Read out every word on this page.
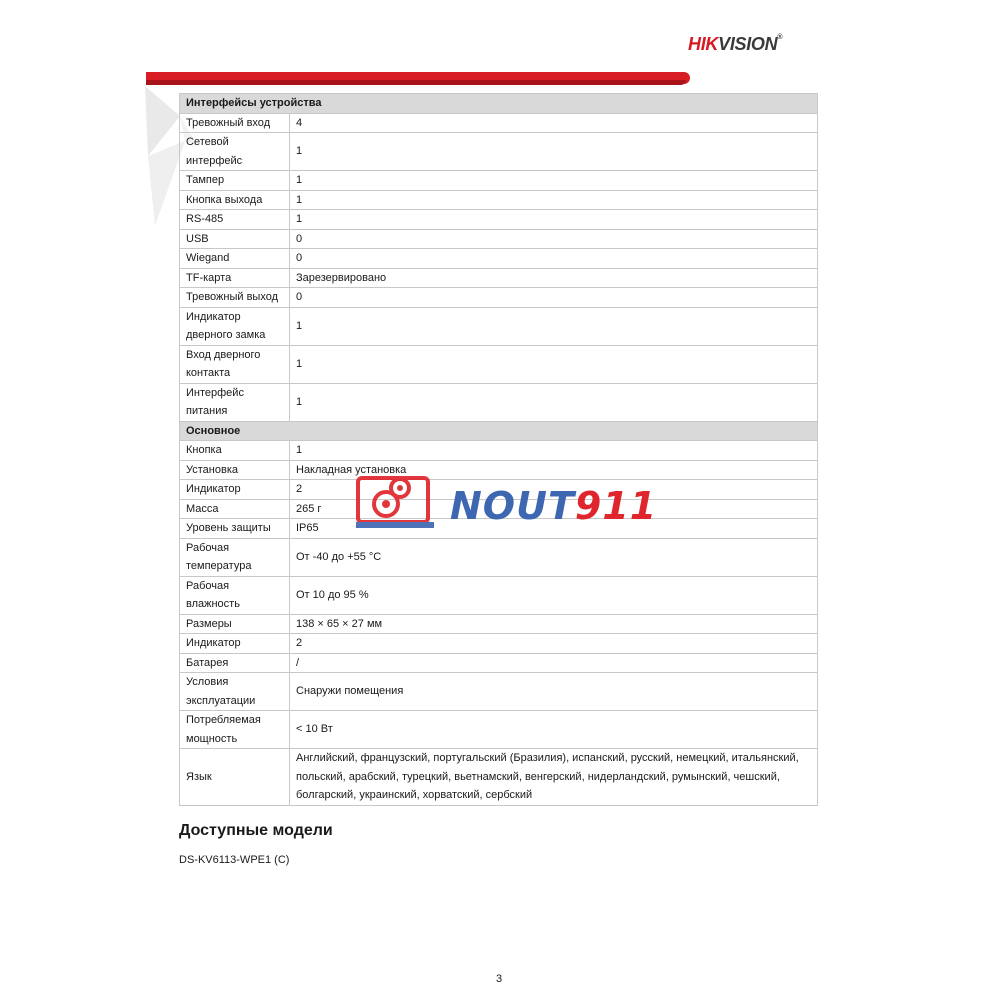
HIKVISION®
Интерфейсы устройства	
Тревожный вход	4
Сетевой интерфейс	1
Тампер	1
Кнопка выхода	1
RS-485	1
USB	0
Wiegand	0
TF-карта	Зарезервировано
Тревожный выход	0
Индикатор дверного замка	1
Вход дверного контакта	1
Интерфейс питания	1
Основное	
Кнопка	1
Установка	Накладная установка
Индикатор	2
Масса	265 г
Уровень защиты	IP65
Рабочая температура	От -40 до +55 °C
Рабочая влажность	От 10 до 95 %
Размеры	138 × 65 × 27 мм
Индикатор	2
Батарея	/
Условия эксплуатации	Снаружи помещения
Потребляемая мощность	< 10 Вт
Язык	Английский, французский, португальский (Бразилия), испанский, русский, немецкий, итальянский, польский, арабский, турецкий, вьетнамский, венгерский, нидерландский, румынский, чешский, болгарский, украинский, хорватский, сербский
NOUT911
Доступные модели
DS-KV6113-WPE1 (C)
3
